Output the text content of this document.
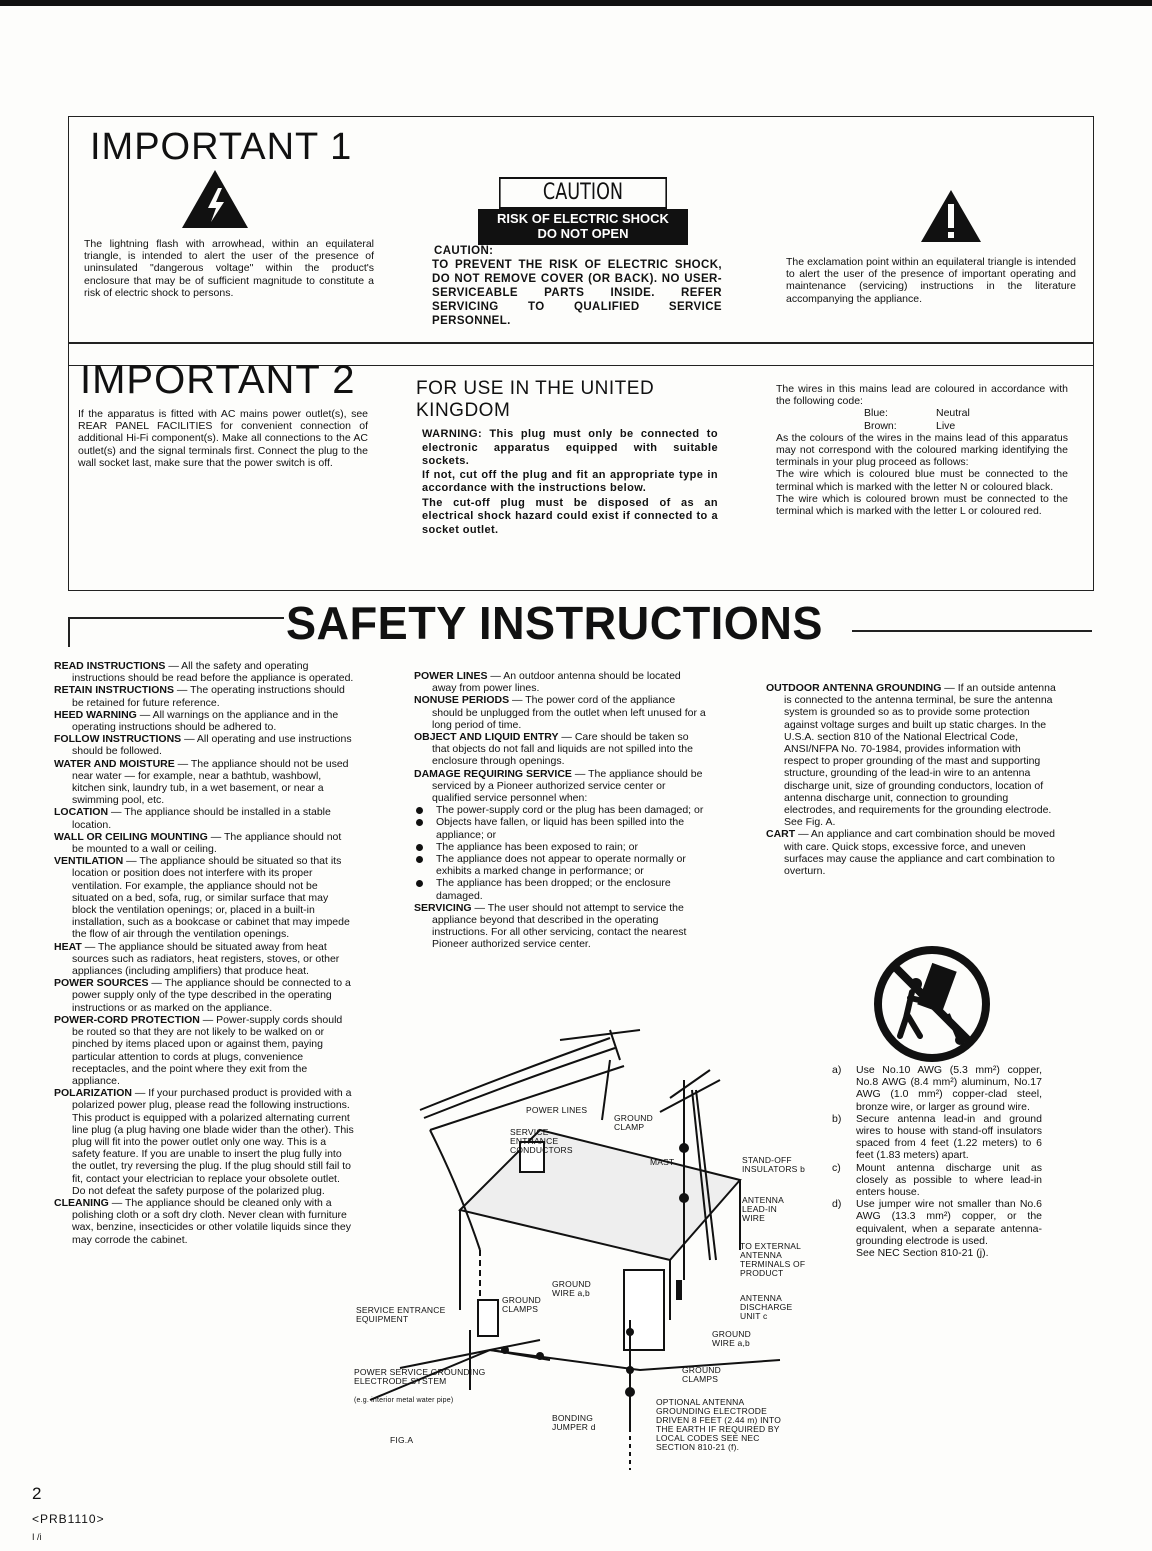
IMPORTANT 1
The lightning flash with arrowhead, within an equilateral triangle, is intended to alert the user of the presence of uninsulated "dangerous voltage" within the product's enclosure that may be of sufficient magnitude to constitute a risk of electric shock to persons.
CAUTION
RISK OF ELECTRIC SHOCK
DO NOT OPEN
CAUTION:
TO PREVENT THE RISK OF ELECTRIC SHOCK, DO NOT REMOVE COVER (OR BACK). NO USER-SERVICEABLE PARTS INSIDE. REFER SERVICING TO QUALIFIED SERVICE PERSONNEL.
The exclamation point within an equilateral triangle is intended to alert the user of the presence of important operating and maintenance (servicing) instructions in the literature accompanying the appliance.
IMPORTANT 2
If the apparatus is fitted with AC mains power outlet(s), see REAR PANEL FACILITIES for convenient connection of additional Hi-Fi component(s). Make all connections to the AC outlet(s) and the signal terminals first. Connect the plug to the wall socket last, make sure that the power switch is off.
FOR USE IN THE UNITED KINGDOM
WARNING: This plug must only be connected to electronic apparatus equipped with suitable sockets.
If not, cut off the plug and fit an appropriate type in accordance with the instructions below.
The cut-off plug must be disposed of as an electrical shock hazard could exist if connected to a socket outlet.
The wires in this mains lead are coloured in accordance with the following code:
Blue:	Neutral
Brown:	Live
As the colours of the wires in the mains lead of this apparatus may not correspond with the coloured marking identifying the terminals in your plug proceed as follows:
The wire which is coloured blue must be connected to the terminal which is marked with the letter N or coloured black.
The wire which is coloured brown must be connected to the terminal which is marked with the letter L or coloured red.
SAFETY INSTRUCTIONS

READ INSTRUCTIONS — All the safety and operating instructions should be read before the appliance is operated.

RETAIN INSTRUCTIONS — The operating instructions should be retained for future reference.

HEED WARNING — All warnings on the appliance and in the operating instructions should be adhered to.

FOLLOW INSTRUCTIONS — All operating and use instructions should be followed.

WATER AND MOISTURE — The appliance should not be used near water — for example, near a bathtub, washbowl, kitchen sink, laundry tub, in a wet basement, or near a swimming pool, etc.

LOCATION — The appliance should be installed in a stable location.

WALL OR CEILING MOUNTING — The appliance should not be mounted to a wall or ceiling.

VENTILATION — The appliance should be situated so that its location or position does not interfere with its proper ventilation. For example, the appliance should not be situated on a bed, sofa, rug, or similar surface that may block the ventilation openings; or, placed in a built-in installation, such as a bookcase or cabinet that may impede the flow of air through the ventilation openings.

HEAT — The appliance should be situated away from heat sources such as radiators, heat registers, stoves, or other appliances (including amplifiers) that produce heat.

POWER SOURCES — The appliance should be connected to a power supply only of the type described in the operating instructions or as marked on the appliance.

POWER-CORD PROTECTION — Power-supply cords should be routed so that they are not likely to be walked on or pinched by items placed upon or against them, paying particular attention to cords at plugs, convenience receptacles, and the point where they exit from the appliance.

POLARIZATION — If your purchased product is provided with a polarized power plug, please read the following instructions. This product is equipped with a polarized alternating current line plug (a plug having one blade wider than the other). This plug will fit into the power outlet only one way. This is a safety feature. If you are unable to insert the plug fully into the outlet, try reversing the plug. If the plug should still fail to fit, contact your electrician to replace your obsolete outlet. Do not defeat the safety purpose of the polarized plug.

CLEANING — The appliance should be cleaned only with a polishing cloth or a soft dry cloth. Never clean with furniture wax, benzine, insecticides or other volatile liquids since they may corrode the cabinet.

POWER LINES — An outdoor antenna should be located away from power lines.

NONUSE PERIODS — The power cord of the appliance should be unplugged from the outlet when left unused for a long period of time.

OBJECT AND LIQUID ENTRY — Care should be taken so that objects do not fall and liquids are not spilled into the enclosure through openings.

DAMAGE REQUIRING SERVICE — The appliance should be serviced by a Pioneer authorized service center or qualified service personnel when:

The power-supply cord or the plug has been damaged; or
Objects have fallen, or liquid has been spilled into the appliance; or
The appliance has been exposed to rain; or
The appliance does not appear to operate normally or exhibits a marked change in performance; or
The appliance has been dropped; or the enclosure damaged.

SERVICING — The user should not attempt to service the appliance beyond that described in the operating instructions. For all other servicing, contact the nearest Pioneer authorized service center.

OUTDOOR ANTENNA GROUNDING — If an outside antenna is connected to the antenna terminal, be sure the antenna system is grounded so as to provide some protection against voltage surges and built up static charges. In the U.S.A. section 810 of the National Electrical Code, ANSI/NFPA No. 70-1984, provides information with respect to proper grounding of the mast and supporting structure, grounding of the lead-in wire to an antenna discharge unit, size of grounding conductors, location of antenna discharge unit, connection to grounding electrodes, and requirements for the grounding electrode. See Fig. A.

CART — An appliance and cart combination should be moved with care. Quick stops, excessive force, and uneven surfaces may cause the appliance and cart combination to overturn.

a)	Use No.10 AWG (5.3 mm²) copper, No.8 AWG (8.4 mm²) aluminum, No.17 AWG (1.0 mm²) copper-clad steel, bronze wire, or larger as ground wire.
b)	Secure antenna lead-in and ground wires to house with stand-off insulators spaced from 4 feet (1.22 meters) to 6 feet (1.83 meters) apart.
c)	Mount antenna discharge unit as closely as possible to where lead-in enters house.
d)	Use jumper wire not smaller than No.6 AWG (13.3 mm²) copper, or the equivalent, when a separate antenna-grounding electrode is used.
See NEC Section 810-21 (j).
POWER LINES
GROUND CLAMP
SERVICE ENTRANCE CONDUCTORS
MAST	STAND-OFF INSULATORS b
ANTENNA LEAD-IN WIRE
TO EXTERNAL ANTENNA TERMINALS OF PRODUCT
GROUND WIRE a,b
GROUND CLAMPS
ANTENNA DISCHARGE UNIT c
GROUND WIRE a,b
SERVICE ENTRANCE EQUIPMENT
GROUND CLAMPS
POWER SERVICE GROUNDING ELECTRODE SYSTEM
(e.g. interior metal water pipe)
BONDING JUMPER d
OPTIONAL ANTENNA GROUNDING ELECTRODE DRIVEN 8 FEET (2.44 m) INTO THE EARTH IF REQUIRED BY LOCAL CODES SEE NEC SECTION 810-21 (f).
FIG.A
2
<PRB1110>
I /i
